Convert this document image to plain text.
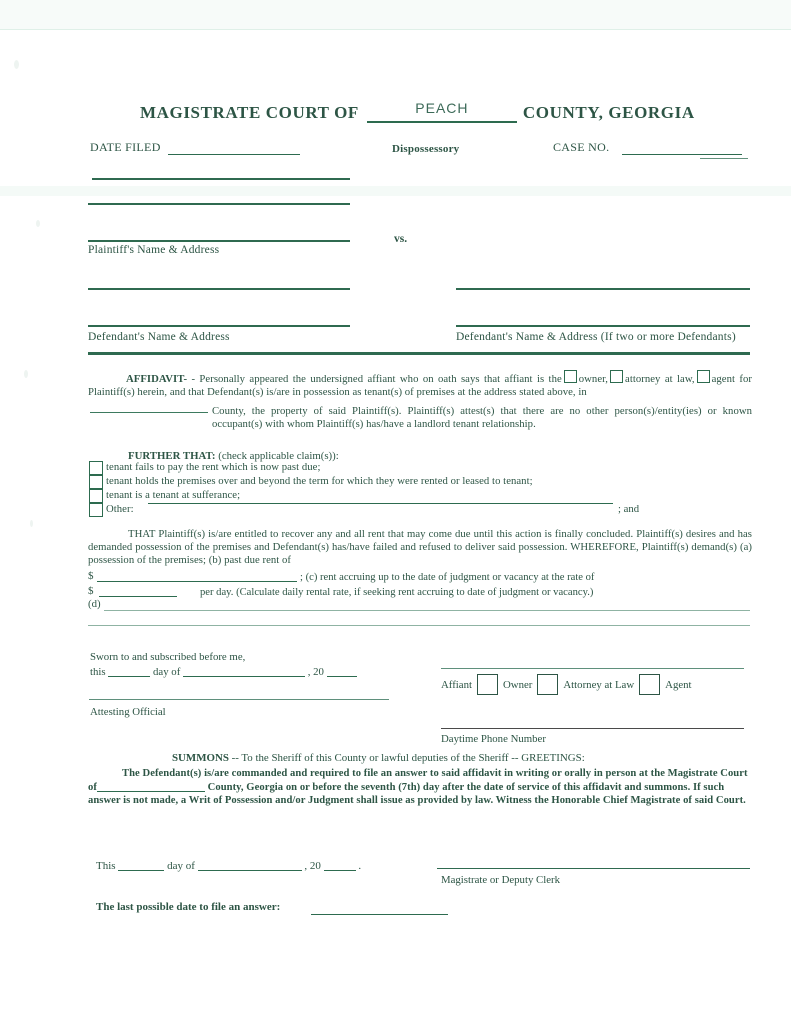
MAGISTRATE COURT OF	PEACH	COUNTY, GEORGIA
DATE FILED	Dispossessory	CASE NO.
Plaintiff's Name & Address
vs.
Defendant's Name & Address	Defendant's Name & Address (If two or more Defendants)
AFFIDAVIT- - Personally appeared the undersigned affiant who on oath says that affiant is the owner, attorney at law, agent for Plaintiff(s) herein, and that Defendant(s) is/are in possession as tenant(s) of premises at the address stated above, in
County, the property of said Plaintiff(s). Plaintiff(s) attest(s) that there are no other person(s)/entity(ies) or known occupant(s) with whom Plaintiff(s) has/have a landlord tenant relationship.
FURTHER THAT: (check applicable claim(s)):
tenant fails to pay the rent which is now past due;
tenant holds the premises over and beyond the term for which they were rented or leased to tenant;
tenant is a tenant at sufferance;
Other:	; and
THAT Plaintiff(s) is/are entitled to recover any and all rent that may come due until this action is finally concluded. Plaintiff(s) desires and has demanded possession of the premises and Defendant(s) has/have failed and refused to deliver said possession. WHEREFORE, Plaintiff(s) demand(s) (a) possession of the premises; (b) past due rent of
$	; (c) rent accruing up to the date of judgment or vacancy at the rate of
$	per day. (Calculate daily rental rate, if seeking rent accruing to date of judgment or vacancy.)
(d)
Sworn to and subscribed before me,
this	day of	, 20
Attesting Official
Affiant	Owner	Attorney at Law	Agent
Daytime Phone Number
SUMMONS -- To the Sheriff of this County or lawful deputies of the Sheriff -- GREETINGS:
The Defendant(s) is/are commanded and required to file an answer to said affidavit in writing or orally in person at the Magistrate Court of	County, Georgia on or before the seventh (7th) day after the date of service of this affidavit and summons. If such answer is not made, a Writ of Possession and/or Judgment shall issue as provided by law. Witness the Honorable Chief Magistrate of said Court.
This	day of	, 20	.
Magistrate or Deputy Clerk
The last possible date to file an answer:
